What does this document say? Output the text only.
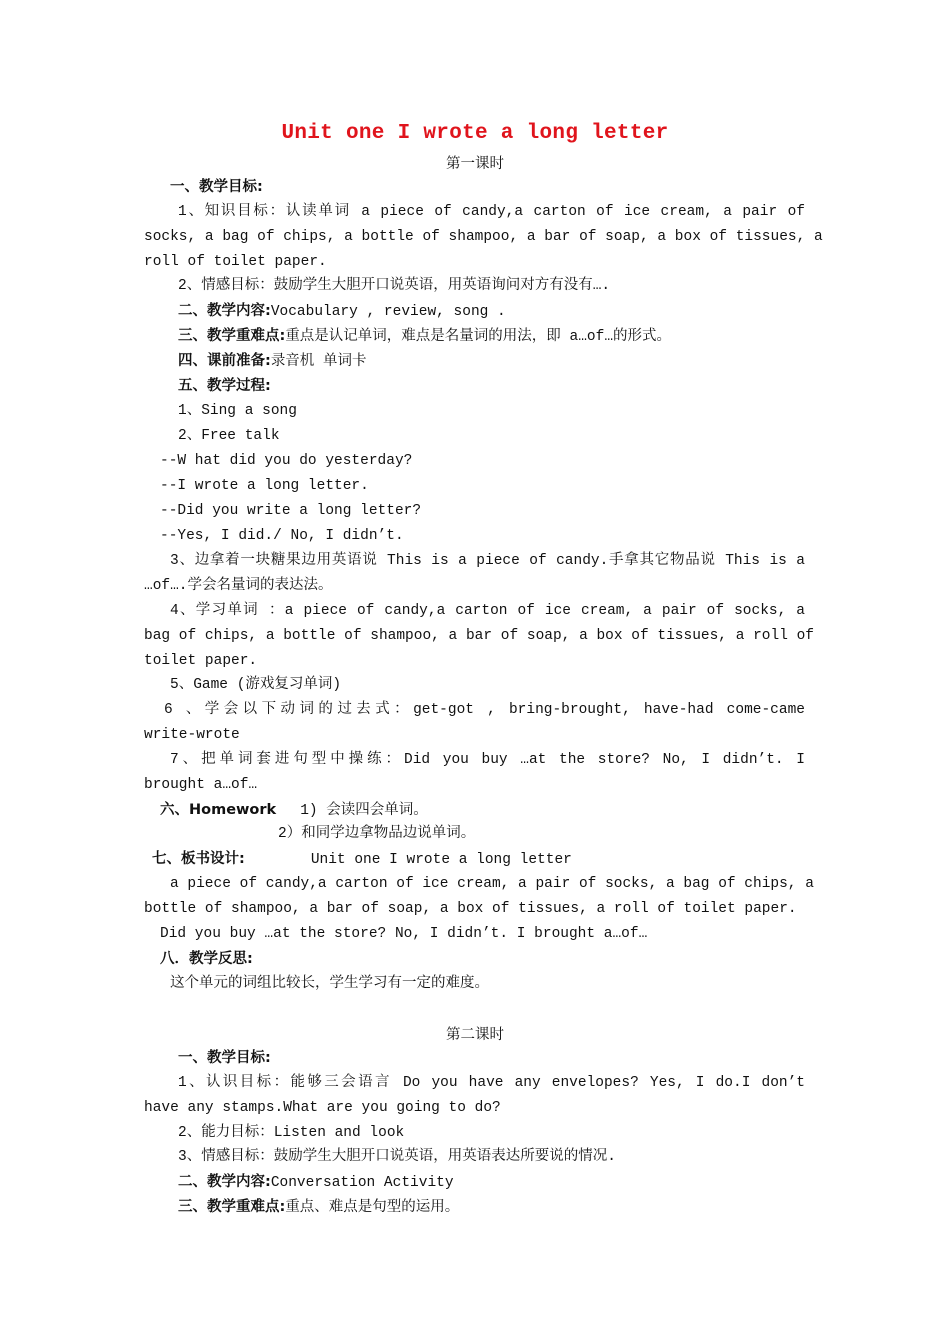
Unit one I wrote a long letter
第一课时
一、教学目标:
1、知识目标：认读单词 a piece of candy,a carton of ice cream, a pair of
socks, a bag of chips, a bottle of shampoo, a bar of soap, a box of tissues, a
roll of toilet paper.
2、情感目标：鼓励学生大胆开口说英语，用英语询问对方有没有….
二、教学内容:Vocabulary , review, song .
三、教学重难点:重点是认记单词，难点是名量词的用法，即 a…of…的形式。
四、课前准备:录音机 单词卡
五、教学过程:
1、Sing a song
2、Free talk
--W hat did you do yesterday?
--I wrote a long letter.
--Did you write a long letter?
--Yes, I did./ No, I didn’t.
3、边拿着一块糖果边用英语说 This is a piece of candy.手拿其它物品说 This is a
…of….学会名量词的表达法。
4、学习单词 ：a piece of candy,a carton of ice cream, a pair of socks, a
bag of chips, a bottle of shampoo, a bar of soap, a box of tissues, a roll of
toilet paper.
5、Game (游戏复习单词)
6 、学会以下动词的过去式：get-got , bring-brought, have-had come-came
write-wrote
7、把单词套进句型中操练：Did you buy …at the store? No, I didn’t. I
brought a…of…
六、Homework 1) 会读四会单词。
2）和同学边拿物品边说单词。
七、板书设计:	Unit one I wrote a long letter
a piece of candy,a carton of ice cream, a pair of socks, a bag of chips, a
bottle of shampoo, a bar of soap, a box of tissues, a roll of toilet paper.
Did you buy …at the store? No, I didn’t. I brought a…of…
八．教学反思:
这个单元的词组比较长，学生学习有一定的难度。
第二课时
一、教学目标:
1、认识目标：能够三会语言 Do you have any envelopes? Yes, I do.I don’t
have any stamps.What are you going to do?
2、能力目标：Listen and look
3、情感目标：鼓励学生大胆开口说英语，用英语表达所要说的情况.
二、教学内容:Conversation Activity
三、教学重难点:重点、难点是句型的运用。
